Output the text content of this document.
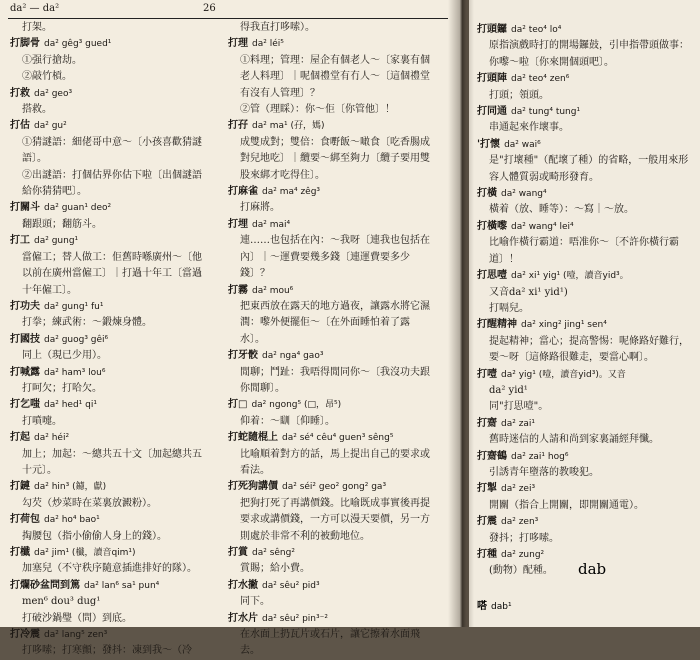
da² — da²	26

打架。

打脚骨 da² gêg³ gued¹

①强行搶劫。

②敲竹槓。

打救 da² geo³

搭救。

打估 da² gu²

①猜謎語：細佬哥中意～〔小孩喜歡猜謎語〕。

②出謎語：打個估界你估下啦〔出個謎語給你猜猜吧〕。

打關斗 da² guan¹ deo²

翻跟頭；翻筋斗。

打工 da² gung¹

當僱工；替人做工：佢舊時喺廣州～〔他以前在廣州當僱工〕｜打過十年工〔當過十年僱工〕。

打功夫 da² gung¹ fu¹

打拳；練武術：～鍛煉身體。

打國技 da² guog³ gêi⁶

同上（現已少用）。

打喊露 da² ham³ lou⁶

打呵欠；打哈欠。

打乞嗤 da² hed¹ qi¹

打噴嚏。

打起 da² héi²

加上；加起：～總共五十文〔加起總共五十元〕。

打鏈 da² hin³ (鑢，獻)

勾芡（炒菜時在菜裏放澱粉）。

打荷包 da² ho⁴ bao¹

掏腰包（指小偷偷人身上的錢）。

打櫼 da² jim¹ (櫼，讀音qim¹)

加塞兒（不守秩序隨意插進排好的隊）。

打爛砂盆問到篤 da² lan⁶ sa¹ pun⁴

men⁶ dou³ dug¹

打破沙鍋璺（問）到底。

打冷震 da² lang⁵ zen³

打哆嗦；打寒顫；發抖：凍到我～（冷

得我直打哆嗦）。

打理 da² léi⁵

①料理；管理：屋企有個老人～〔家裏有個老人料理〕｜呢個禮堂有冇人～〔這個禮堂有沒有人管理〕？

②管（理睬）：你～佢〔你管他〕！

打孖 da² ma¹ (孖，媽)

成雙成對；雙倍：食嘢飯～噉食〔吃香腸成對兒地吃〕｜纜要～綁至夠力〔纜子要用雙股來綁才吃得住〕。

打麻雀 da² ma⁴ zêg³

打麻將。

打埋 da² mai⁴

連……也包括在內：～我呀〔連我也包括在內〕｜～運費要幾多錢〔連運費要多少錢〕？

打霧 da² mou⁶

把東西放在露天的地方過夜，讓露水將它濕潤：嚟外便擺佢～〔在外面睡怕着了露水〕。

打牙骹 da² nga⁴ gao³

閒聊；鬥趾：我唔得閒同你～〔我沒功夫跟你閒聊〕。

打□ da² ngong⁵ (□，昂⁵)

仰着：～瞓〔仰睡〕。

打蛇隨棍上 da² sé⁴ cêu⁴ guen³ sêng⁵

比喻順着對方的話，馬上提出自己的要求或看法。

打死狗講價 da² séi² geo² gong² ga³

把狗打死了再講價錢。比喻既成事實後再提要求或講價錢，一方可以漫天要價，另一方則處於非常不利的被動地位。

打賞 da² sêng²

賞賜；給小費。

打水撇 da² sêu² pid³

同下。

打水片 da² sêu² pin³⁻²

在水面上扔瓦片或石片，讓它擦着水面飛去。

打頭鑼 da² teo⁴ lo⁴

原指演戲時打的開場鑼鼓，引申指帶頭做事：你嚟～啦〔你來開個頭吧〕。

打頭陣 da² teo⁴ zen⁶

打頭；領頭。

打同通 da² tung⁴ tung¹

串通起來作壞事。

'打懷 da² wai⁶

是"打壞種"（配壞了種）的省略，一般用來形容人體質弱或畸形發育。

打橫 da² wang⁴

橫着（放、睡等）：～寫｜～放。

打橫嚟 da² wang⁴ lei⁴

比喻作橫行霸道：唔准你～〔不許你橫行霸道〕！

打思噎 da² xi¹ yig¹ (噎，讀音yid³。

又音da² xi¹ yid¹)

打嗝兒。

打醒精神 da² xing² jing¹ sen⁴

提起精神；當心；提高警惕：呢條路好難行，要～呀〔這條路很難走，要當心啊〕。

打噎 da² yig¹ (噎，讀音yid³)。又音

da² yid¹

同"打思噎"。

打齋 da² zai¹

舊時迷信的人請和尚到家裏誦經拜懺。

打齋鶴 da² zai¹ hog⁶

引誘青年墮落的教唆犯。

打掣 da² zei³

開關（指合上開關，即開關通電）。

打震 da² zen³

發抖；打哆嗦。

打種 da² zung²

(動物）配種。	dab
嗒 dab¹
